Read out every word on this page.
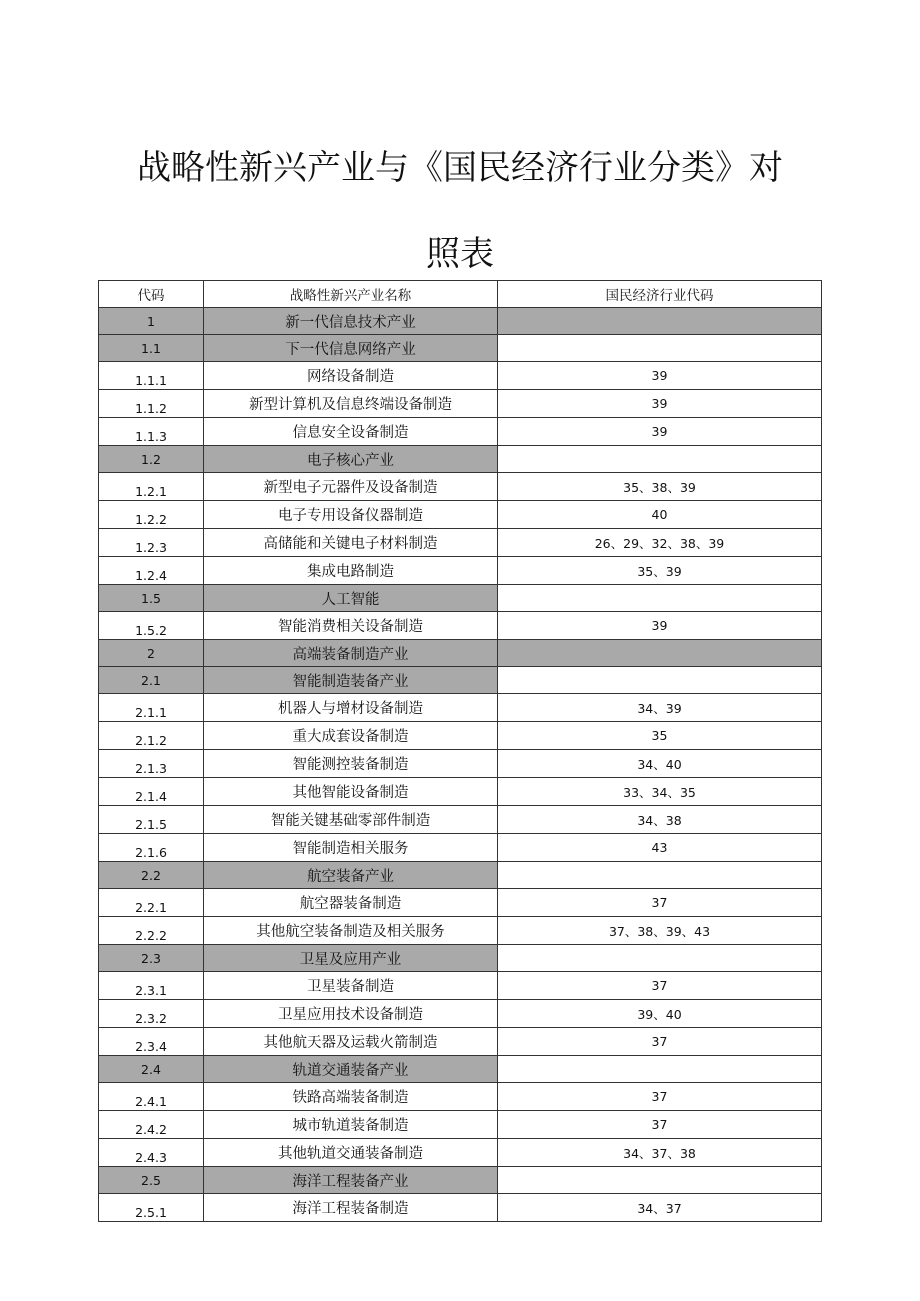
战略性新兴产业与《国民经济行业分类》对
照表
代码	战略性新兴产业名称	国民经济行业代码
1	新一代信息技术产业	
1.1	下一代信息网络产业	
1.1.1	网络设备制造	39
1.1.2	新型计算机及信息终端设备制造	39
1.1.3	信息安全设备制造	39
1.2	电子核心产业	
1.2.1	新型电子元器件及设备制造	35、38、39
1.2.2	电子专用设备仪器制造	40
1.2.3	高储能和关键电子材料制造	26、29、32、38、39
1.2.4	集成电路制造	35、39
1.5	人工智能	
1.5.2	智能消费相关设备制造	39
2	高端装备制造产业	
2.1	智能制造装备产业	
2.1.1	机器人与增材设备制造	34、39
2.1.2	重大成套设备制造	35
2.1.3	智能测控装备制造	34、40
2.1.4	其他智能设备制造	33、34、35
2.1.5	智能关键基础零部件制造	34、38
2.1.6	智能制造相关服务	43
2.2	航空装备产业	
2.2.1	航空器装备制造	37
2.2.2	其他航空装备制造及相关服务	37、38、39、43
2.3	卫星及应用产业	
2.3.1	卫星装备制造	37
2.3.2	卫星应用技术设备制造	39、40
2.3.4	其他航天器及运载火箭制造	37
2.4	轨道交通装备产业	
2.4.1	铁路高端装备制造	37
2.4.2	城市轨道装备制造	37
2.4.3	其他轨道交通装备制造	34、37、38
2.5	海洋工程装备产业	
2.5.1	海洋工程装备制造	34、37
